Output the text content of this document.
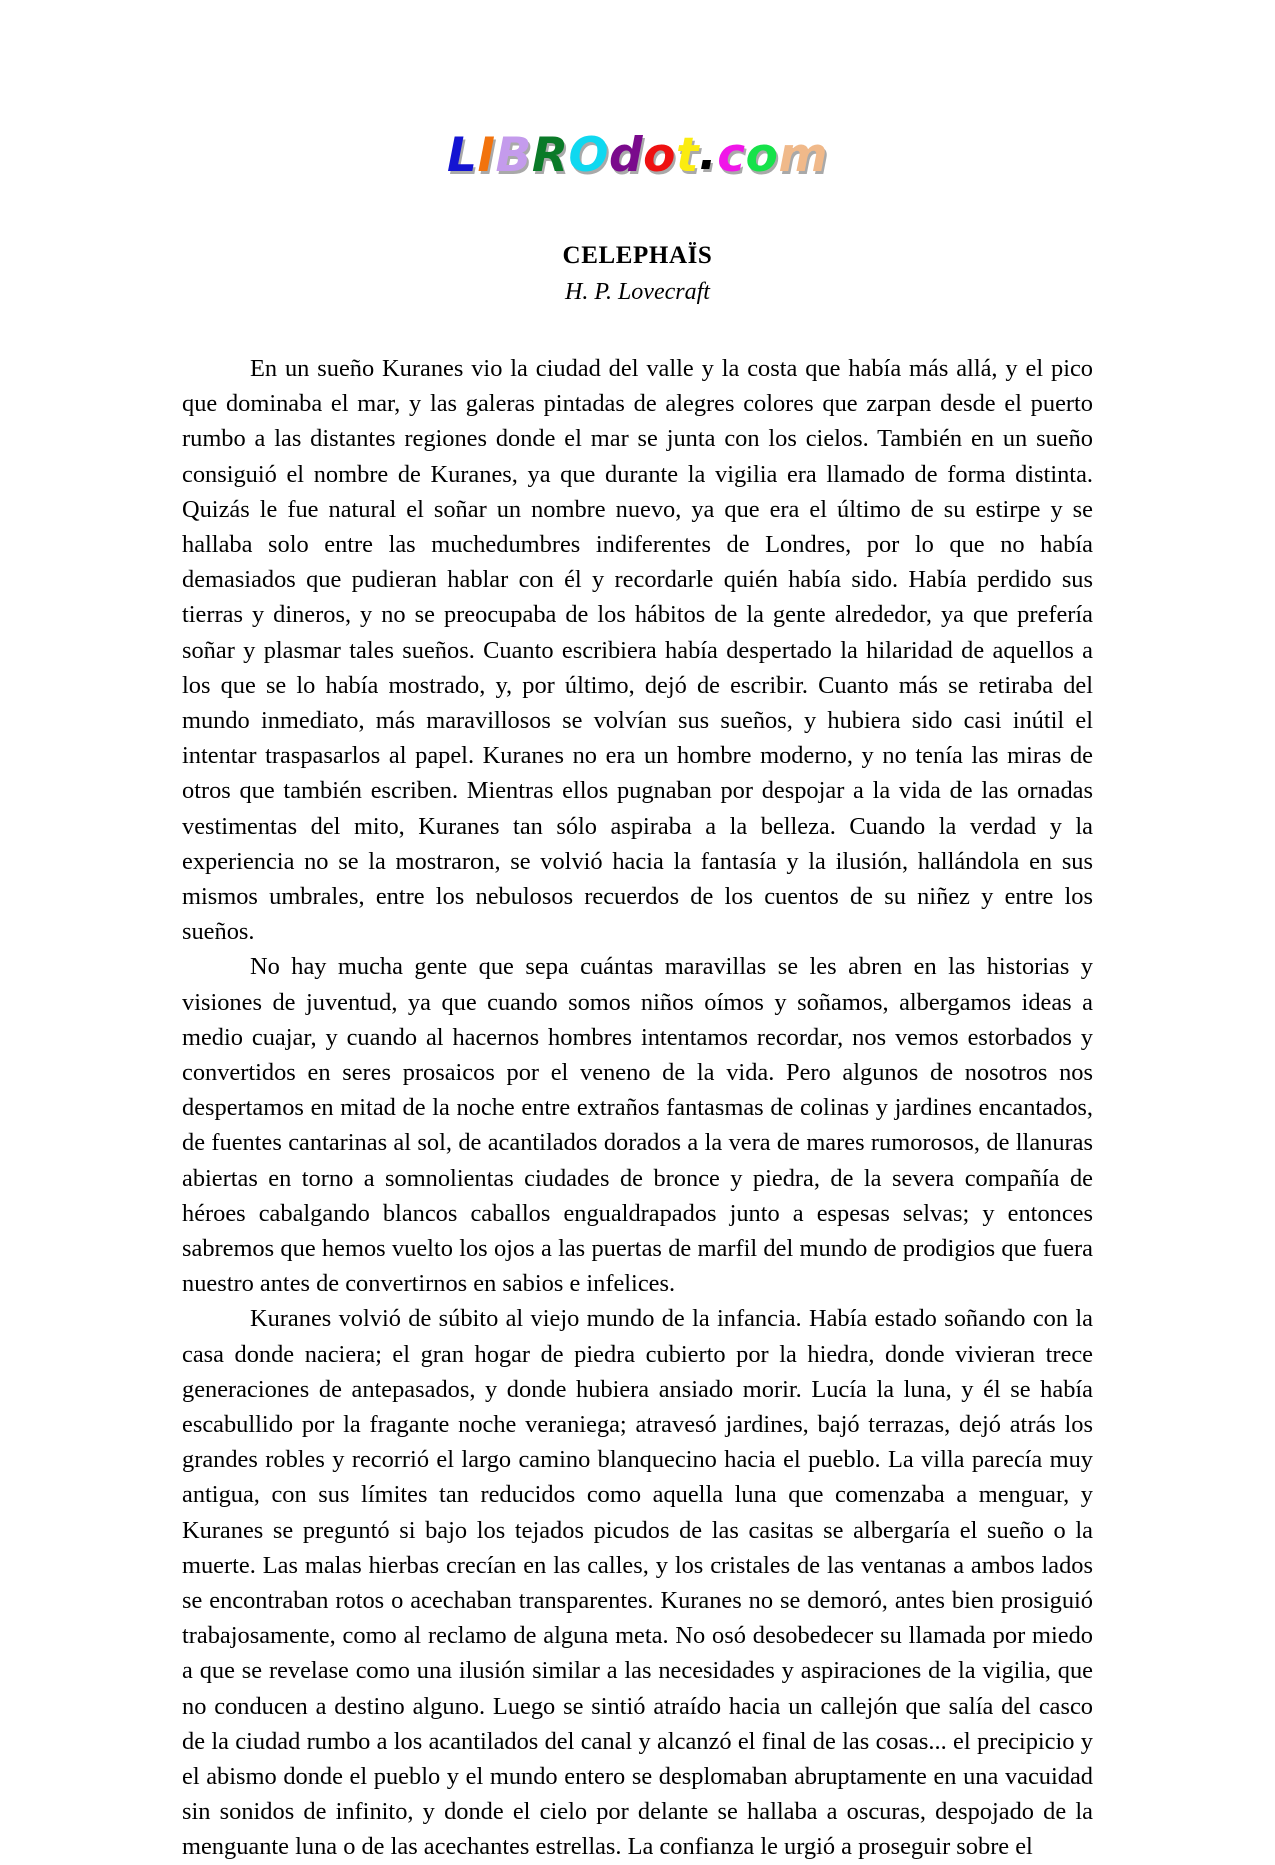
LIBROdot.com
CELEPHAÏS
H. P. Lovecraft

En un sueño Kuranes vio la ciudad del valle y la costa que había más allá, y el pico que dominaba el mar, y las galeras pintadas de alegres colores que zarpan desde el puerto rumbo a las distantes regiones donde el mar se junta con los cielos. También en un sueño consiguió el nombre de Kuranes, ya que durante la vigilia era llamado de forma distinta. Quizás le fue natural el soñar un nombre nuevo, ya que era el último de su estirpe y se hallaba solo entre las muchedumbres indiferentes de Londres, por lo que no había demasiados que pudieran hablar con él y recordarle quién había sido. Había perdido sus tierras y dineros, y no se preocupaba de los hábitos de la gente alrededor, ya que prefería soñar y plasmar tales sueños. Cuanto escribiera había despertado la hilaridad de aquellos a los que se lo había mostrado, y, por último, dejó de escribir. Cuanto más se retiraba del mundo inmediato, más maravillosos se volvían sus sueños, y hubiera sido casi inútil el intentar traspasarlos al papel. Kuranes no era un hombre moderno, y no tenía las miras de otros que también escriben. Mientras ellos pugnaban por despojar a la vida de las ornadas vestimentas del mito, Kuranes tan sólo aspiraba a la belleza. Cuando la verdad y la experiencia no se la mostraron, se volvió hacia la fantasía y la ilusión, hallándola en sus mismos umbrales, entre los nebulosos recuerdos de los cuentos de su niñez y entre los sueños.

No hay mucha gente que sepa cuántas maravillas se les abren en las historias y visiones de juventud, ya que cuando somos niños oímos y soñamos, albergamos ideas a medio cuajar, y cuando al hacernos hombres intentamos recordar, nos vemos estorbados y convertidos en seres prosaicos por el veneno de la vida. Pero algunos de nosotros nos despertamos en mitad de la noche entre extraños fantasmas de colinas y jardines encantados, de fuentes cantarinas al sol, de acantilados dorados a la vera de mares rumorosos, de llanuras abiertas en torno a somnolientas ciudades de bronce y piedra, de la severa compañía de héroes cabalgando blancos caballos engualdrapados junto a espesas selvas; y entonces sabremos que hemos vuelto los ojos a las puertas de marfil del mundo de prodigios que fuera nuestro antes de convertirnos en sabios e infelices.

Kuranes volvió de súbito al viejo mundo de la infancia. Había estado soñando con la casa donde naciera; el gran hogar de piedra cubierto por la hiedra, donde vivieran trece generaciones de antepasados, y donde hubiera ansiado morir. Lucía la luna, y él se había escabullido por la fragante noche veraniega; atravesó jardines, bajó terrazas, dejó atrás los grandes robles y recorrió el largo camino blanquecino hacia el pueblo. La villa parecía muy antigua, con sus límites tan reducidos como aquella luna que comenzaba a menguar, y Kuranes se preguntó si bajo los tejados picudos de las casitas se albergaría el sueño o la muerte. Las malas hierbas crecían en las calles, y los cristales de las ventanas a ambos lados se encontraban rotos o acechaban transparentes. Kuranes no se demoró, antes bien prosiguió trabajosamente, como al reclamo de alguna meta. No osó desobedecer su llamada por miedo a que se revelase como una ilusión similar a las necesidades y aspiraciones de la vigilia, que no conducen a destino alguno. Luego se sintió atraído hacia un callejón que salía del casco de la ciudad rumbo a los acantilados del canal y alcanzó el final de las cosas... el precipicio y el abismo donde el pueblo y el mundo entero se desplomaban abruptamente en una vacuidad sin sonidos de infinito, y donde el cielo por delante se hallaba a oscuras, despojado de la menguante luna o de las acechantes estrellas. La confianza le urgió a proseguir sobre el
